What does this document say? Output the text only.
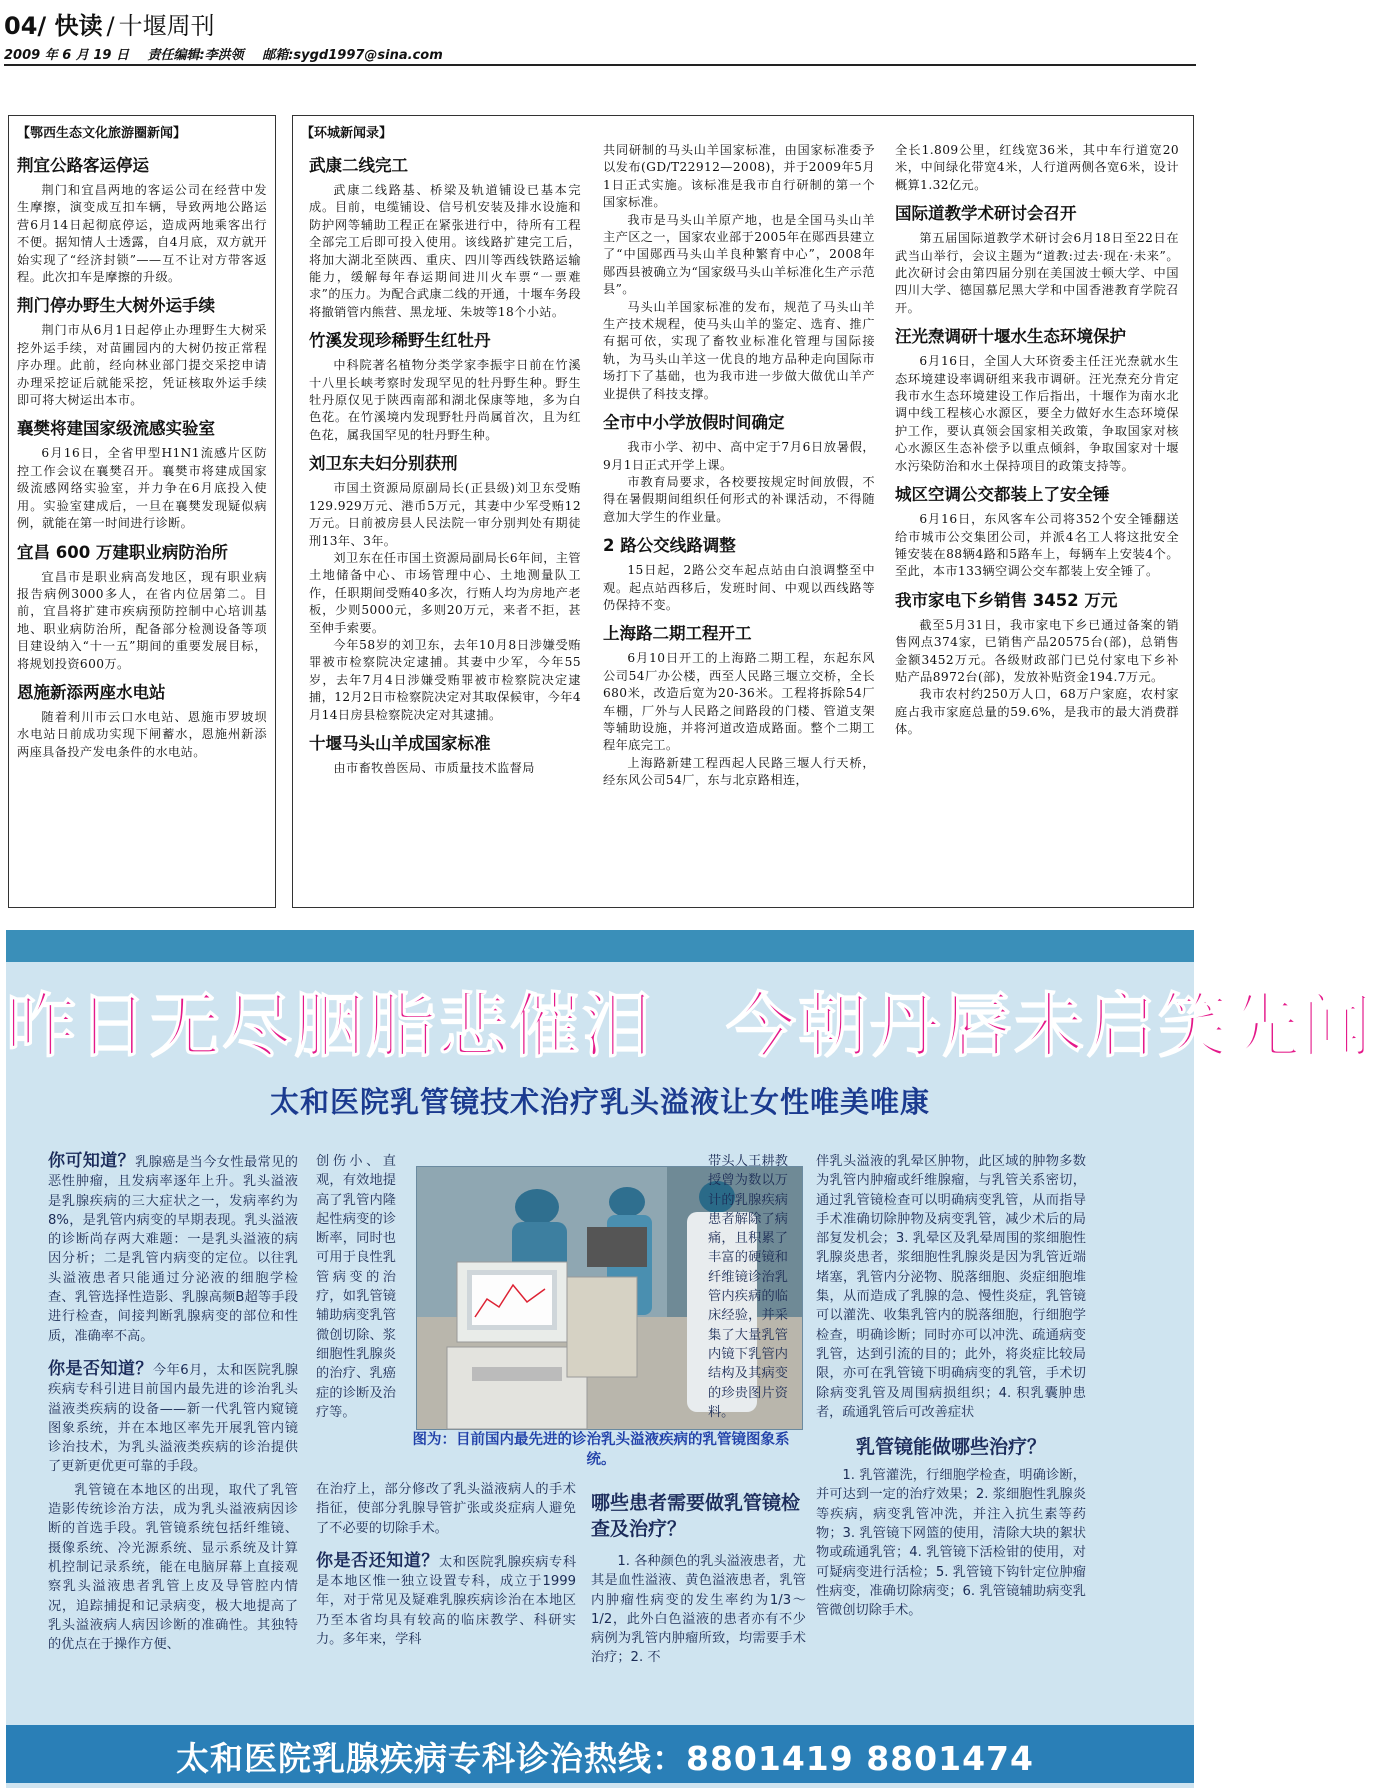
04/ 快读 / 十堰周刊
2009 年 6 月 19 日 责任编辑:李洪领 邮箱:sygd1997@sina.com
【鄂西生态文化旅游圈新闻】
荆宜公路客运停运

荆门和宜昌两地的客运公司在经营中发生摩擦，演变成互扣车辆，导致两地公路运营6月14日起彻底停运，造成两地乘客出行不便。据知情人士透露，自4月底，双方就开始实现了“经济封锁”——互不让对方带客返程。此次扣车是摩擦的升级。

荆门停办野生大树外运手续

荆门市从6月1日起停止办理野生大树采挖外运手续，对苗圃园内的大树仍按正常程序办理。此前，经向林业部门提交采挖申请办理采挖证后就能采挖，凭证核取外运手续即可将大树运出本市。

襄樊将建国家级流感实验室

6月16日，全省甲型H1N1流感片区防控工作会议在襄樊召开。襄樊市将建成国家级流感网络实验室，并力争在6月底投入使用。实验室建成后，一旦在襄樊发现疑似病例，就能在第一时间进行诊断。

宜昌 600 万建职业病防治所

宜昌市是职业病高发地区，现有职业病报告病例3000多人，在省内位居第二。目前，宜昌将扩建市疾病预防控制中心培训基地、职业病防治所，配备部分检测设备等项目建设纳入“十一五”期间的重要发展目标，将规划投资600万。

恩施新添两座水电站

随着利川市云口水电站、恩施市罗坡坝水电站日前成功实现下闸蓄水，恩施州新添两座具备投产发电条件的水电站。

【环城新闻录】
武康二线完工

武康二线路基、桥梁及轨道铺设已基本完成。目前，电缆铺设、信号机安装及排水设施和防护网等辅助工程正在紧张进行中，待所有工程全部完工后即可投入使用。该线路扩建完工后，将加大湖北至陕西、重庆、四川等西线铁路运输能力，缓解每年春运期间进川火车票“一票难求”的压力。为配合武康二线的开通，十堰车务段将撤销管内熊营、黑龙垭、朱坡等18个小站。

竹溪发现珍稀野生红牡丹

中科院著名植物分类学家李振宇日前在竹溪十八里长峡考察时发现罕见的牡丹野生种。野生牡丹原仅见于陕西南部和湖北保康等地，多为白色花。在竹溪境内发现野牡丹尚属首次，且为红色花，属我国罕见的牡丹野生种。

刘卫东夫妇分别获刑

市国土资源局原副局长(正县级)刘卫东受贿129.929万元、港币5万元，其妻中少军受贿12万元。日前被房县人民法院一审分别判处有期徒刑13年、3年。

刘卫东在任市国土资源局副局长6年间，主管土地储备中心、市场管理中心、土地测量队工作，任职期间受贿40多次，行贿人均为房地产老板，少则5000元，多则20万元，来者不拒，甚至伸手索要。

今年58岁的刘卫东，去年10月8日涉嫌受贿罪被市检察院决定逮捕。其妻中少军，今年55岁，去年7月4日涉嫌受贿罪被市检察院决定逮捕，12月2日市检察院决定对其取保候审，今年4月14日房县检察院决定对其逮捕。

十堰马头山羊成国家标准

由市畜牧兽医局、市质量技术监督局

共同研制的马头山羊国家标准，由国家标准委予以发布(GD/T22912—2008)，并于2009年5月1日正式实施。该标准是我市自行研制的第一个国家标准。

我市是马头山羊原产地，也是全国马头山羊主产区之一，国家农业部于2005年在郧西县建立了“中国郧西马头山羊良种繁育中心”，2008年郧西县被确立为“国家级马头山羊标准化生产示范县”。

马头山羊国家标准的发布，规范了马头山羊生产技术规程，使马头山羊的鉴定、选育、推广有据可依，实现了畜牧业标准化管理与国际接轨，为马头山羊这一优良的地方品种走向国际市场打下了基础，也为我市进一步做大做优山羊产业提供了科技支撑。

全市中小学放假时间确定

我市小学、初中、高中定于7月6日放暑假，9月1日正式开学上课。

市教育局要求，各校要按规定时间放假，不得在暑假期间组织任何形式的补课活动，不得随意加大学生的作业量。

2 路公交线路调整

15日起，2路公交车起点站由白浪调整至中观。起点站西移后，发班时间、中观以西线路等仍保持不变。

上海路二期工程开工

6月10日开工的上海路二期工程，东起东风公司54厂办公楼，西至人民路三堰立交桥，全长680米，改造后宽为20-36米。工程将拆除54厂车棚，厂外与人民路之间路段的门楼、管道支架等辅助设施，并将河道改造成路面。整个二期工程年底完工。

上海路新建工程西起人民路三堰人行天桥，经东风公司54厂，东与北京路相连，

全长1.809公里，红线宽36米，其中车行道宽20米，中间绿化带宽4米，人行道两侧各宽6米，设计概算1.32亿元。

国际道教学术研讨会召开

第五届国际道教学术研讨会6月18日至22日在武当山举行，会议主题为“道教:过去·现在·未来”。此次研讨会由第四届分别在美国波士顿大学、中国四川大学、德国慕尼黑大学和中国香港教育学院召开。

汪光焘调研十堰水生态环境保护

6月16日，全国人大环资委主任汪光焘就水生态环境建设率调研组来我市调研。汪光焘充分肯定我市水生态环境建设工作后指出，十堰作为南水北调中线工程核心水源区，要全力做好水生态环境保护工作，要认真领会国家相关政策，争取国家对核心水源区生态补偿予以重点倾斜，争取国家对十堰水污染防治和水土保持项目的政策支持等。

城区空调公交都装上了安全锤

6月16日，东风客车公司将352个安全锤翻送给市城市公交集团公司，并派4名工人将这批安全锤安装在88辆4路和5路车上，每辆车上安装4个。至此，本市133辆空调公交车都装上安全锤了。

我市家电下乡销售 3452 万元

截至5月31日，我市家电下乡已通过备案的销售网点374家，已销售产品20575台(部)，总销售金额3452万元。各级财政部门已兑付家电下乡补贴产品8972台(部)，发放补贴资金194.7万元。

我市农村约250万人口，68万户家庭，农村家庭占我市家庭总量的59.6%，是我市的最大消费群体。

昨日无尽胭脂悲催泪　今朝丹唇未启笑先闻
太和医院乳管镜技术治疗乳头溢液让女性唯美唯康

你可知道？乳腺癌是当今女性最常见的恶性肿瘤，且发病率逐年上升。乳头溢液是乳腺疾病的三大症状之一，发病率约为8%，是乳管内病变的早期表现。乳头溢液的诊断尚存两大难题：一是乳头溢液的病因分析；二是乳管内病变的定位。以往乳头溢液患者只能通过分泌液的细胞学检查、乳管选择性造影、乳腺高频B超等手段进行检查，间接判断乳腺病变的部位和性质，准确率不高。

你是否知道？今年6月，太和医院乳腺疾病专科引进目前国内最先进的诊治乳头溢液类疾病的设备——新一代乳管内窥镜图象系统，并在本地区率先开展乳管内镜诊治技术，为乳头溢液类疾病的诊治提供了更新更优更可靠的手段。

乳管镜在本地区的出现，取代了乳管造影传统诊治方法，成为乳头溢液病因诊断的首选手段。乳管镜系统包括纤维镜、摄像系统、冷光源系统、显示系统及计算机控制记录系统，能在电脑屏幕上直接观察乳头溢液患者乳管上皮及导管腔内情况，追踪捕捉和记录病变，极大地提高了乳头溢液病人病因诊断的准确性。其独特的优点在于操作方便、

创伤小、直观，有效地提高了乳管内隆起性病变的诊断率，同时也可用于良性乳管病变的治疗，如乳管镜辅助病变乳管微创切除、浆细胞性乳腺炎的治疗、乳癌症的诊断及治疗等。

在治疗上，部分修改了乳头溢液病人的手术指征，使部分乳腺导管扩张或炎症病人避免了不必要的切除手术。

你是否还知道？太和医院乳腺疾病专科是本地区惟一独立设置专科，成立于1999年，对于常见及疑难乳腺疾病诊治在本地区乃至本省均具有较高的临床教学、科研实力。多年来，学科

图为：目前国内最先进的诊治乳头溢液疾病的乳管镜图象系统。

带头人王耕教授曾为数以万计的乳腺疾病患者解除了病痛，且积累了丰富的硬镜和纤维镜诊治乳管内疾病的临床经验，并采集了大量乳管内镜下乳管内结构及其病变的珍贵图片资料。

哪些患者需要做乳管镜检查及治疗？

1. 各种颜色的乳头溢液患者，尤其是血性溢液、黄色溢液患者，乳管内肿瘤性病变的发生率约为1/3～1/2，此外白色溢液的患者亦有不少病例为乳管内肿瘤所致，均需要手术治疗；2. 不

伴乳头溢液的乳晕区肿物，此区域的肿物多数为乳管内肿瘤或纤维腺瘤，与乳管关系密切，通过乳管镜检查可以明确病变乳管，从而指导手术准确切除肿物及病变乳管，减少术后的局部复发机会；3. 乳晕区及乳晕周围的浆细胞性乳腺炎患者，浆细胞性乳腺炎是因为乳管近端堵塞，乳管内分泌物、脱落细胞、炎症细胞堆集，从而造成了乳腺的急、慢性炎症，乳管镜可以灌洗、收集乳管内的脱落细胞，行细胞学检查，明确诊断；同时亦可以冲洗、疏通病变乳管，达到引流的目的；此外，将炎症比较局限，亦可在乳管镜下明确病变的乳管，手术切除病变乳管及周围病损组织；4. 积乳囊肿患者，疏通乳管后可改善症状

乳管镜能做哪些治疗？

1. 乳管灌洗，行细胞学检查，明确诊断，并可达到一定的治疗效果；2. 浆细胞性乳腺炎等疾病，病变乳管冲洗，并注入抗生素等药物；3. 乳管镜下网篮的使用，清除大块的絮状物或疏通乳管；4. 乳管镜下活检钳的使用，对可疑病变进行活检；5. 乳管镜下钩针定位肿瘤性病变，准确切除病变；6. 乳管镜辅助病变乳管微创切除手术。

太和医院乳腺疾病专科诊治热线：8801419 8801474
